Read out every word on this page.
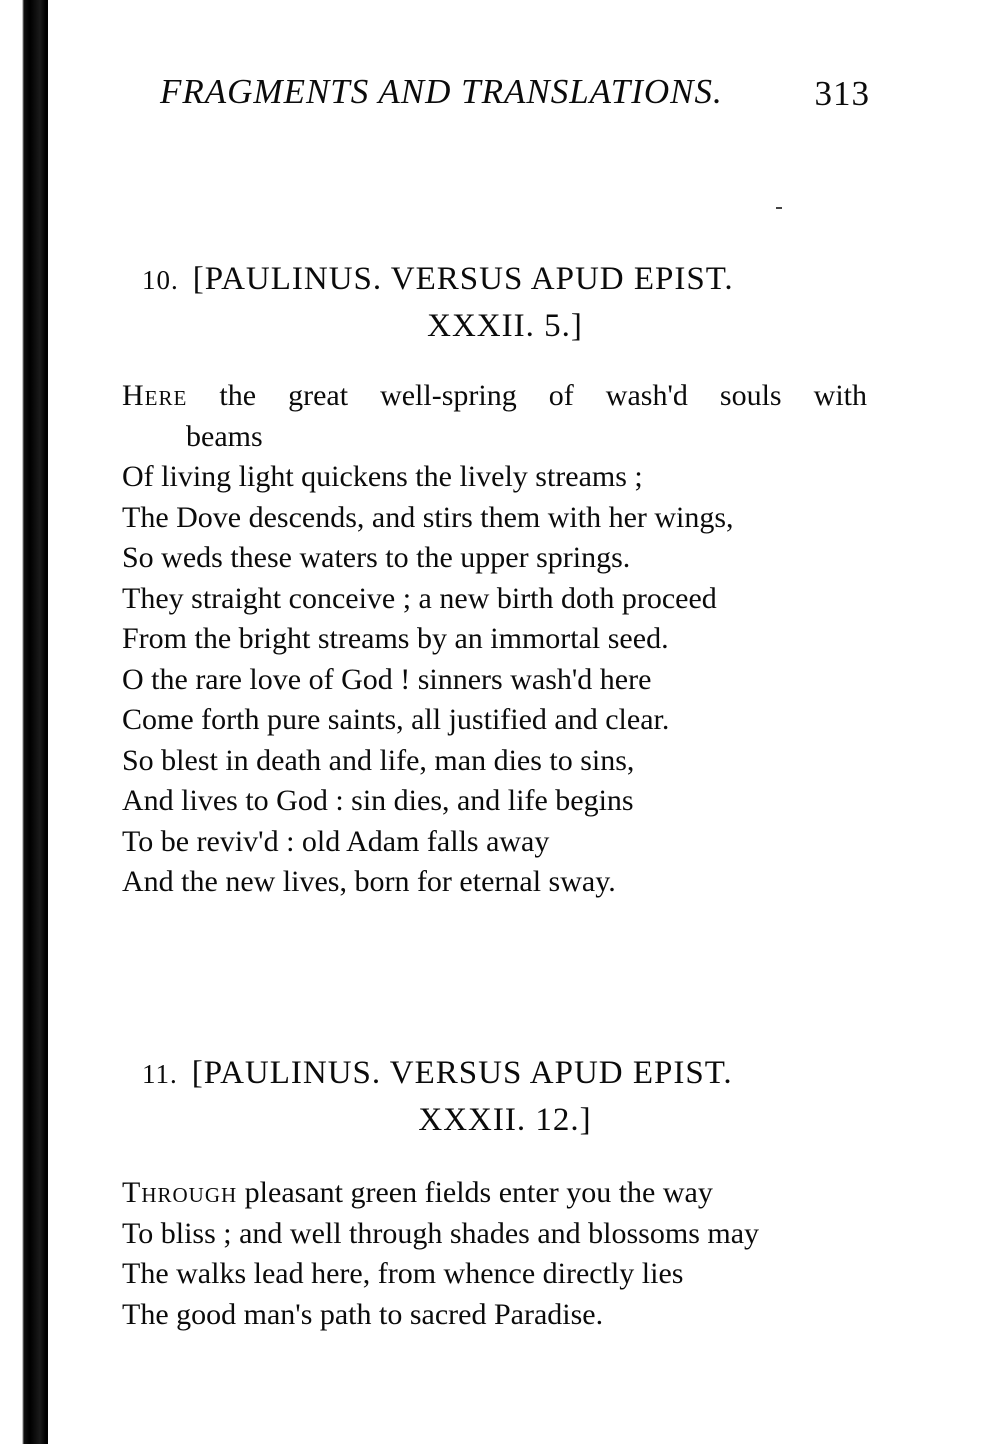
FRAGMENTS AND TRANSLATIONS.	313
10. [PAULINUS. VERSUS APUD EPIST.
XXXII. 5.]
Here the great well-spring of wash'd souls with
beams
Of living light quickens the lively streams ;
The Dove descends, and stirs them with her wings,
So weds these waters to the upper springs.
They straight conceive ; a new birth doth proceed
From the bright streams by an immortal seed.
O the rare love of God ! sinners wash'd here
Come forth pure saints, all justified and clear.
So blest in death and life, man dies to sins,
And lives to God : sin dies, and life begins
To be reviv'd : old Adam falls away
And the new lives, born for eternal sway.
11. [PAULINUS. VERSUS APUD EPIST.
XXXII. 12.]
Through pleasant green fields enter you the way
To bliss ; and well through shades and blossoms may
The walks lead here, from whence directly lies
The good man's path to sacred Paradise.
